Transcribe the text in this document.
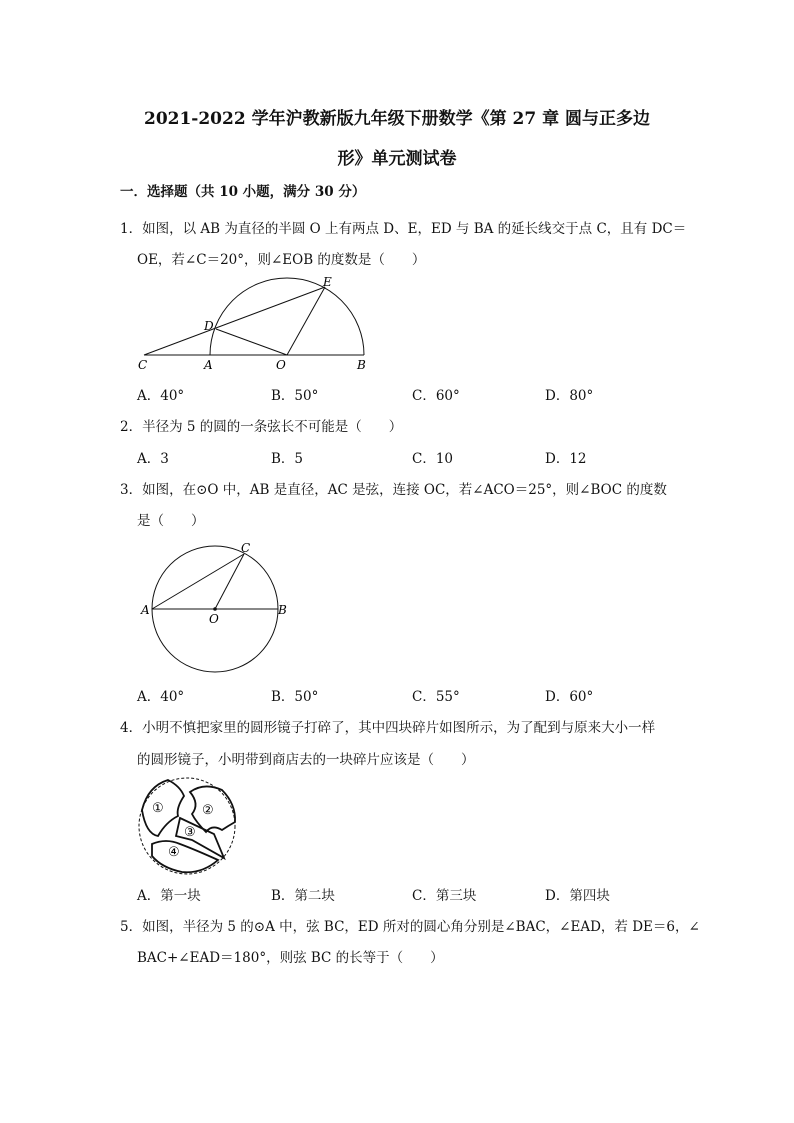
2021-2022 学年沪教新版九年级下册数学《第 27 章 圆与正多边
形》单元测试卷
一．选择题（共 10 小题，满分 30 分）
1．如图，以 AB 为直径的半圆 O 上有两点 D、E，ED 与 BA 的延长线交于点 C，且有 DC＝
OE，若∠C＝20°，则∠EOB 的度数是（　　）
C	A	O	B
D
E
A．40°	B．50°	C．60°	D．80°
2．半径为 5 的圆的一条弦长不可能是（　　）
A．3	B．5	C．10	D．12
3．如图，在⊙O 中，AB 是直径，AC 是弦，连接 OC，若∠ACO＝25°，则∠BOC 的度数
是（　　）
A	B
C
O
A．40°	B．50°	C．55°	D．60°
4．小明不慎把家里的圆形镜子打碎了，其中四块碎片如图所示，为了配到与原来大小一样
的圆形镜子，小明带到商店去的一块碎片应该是（　　）
①	②
③
④
A．第一块	B．第二块	C．第三块	D．第四块
5．如图，半径为 5 的⊙A 中，弦 BC，ED 所对的圆心角分别是∠BAC，∠EAD，若 DE＝6，∠
BAC+∠EAD＝180°，则弦 BC 的长等于（　　）
